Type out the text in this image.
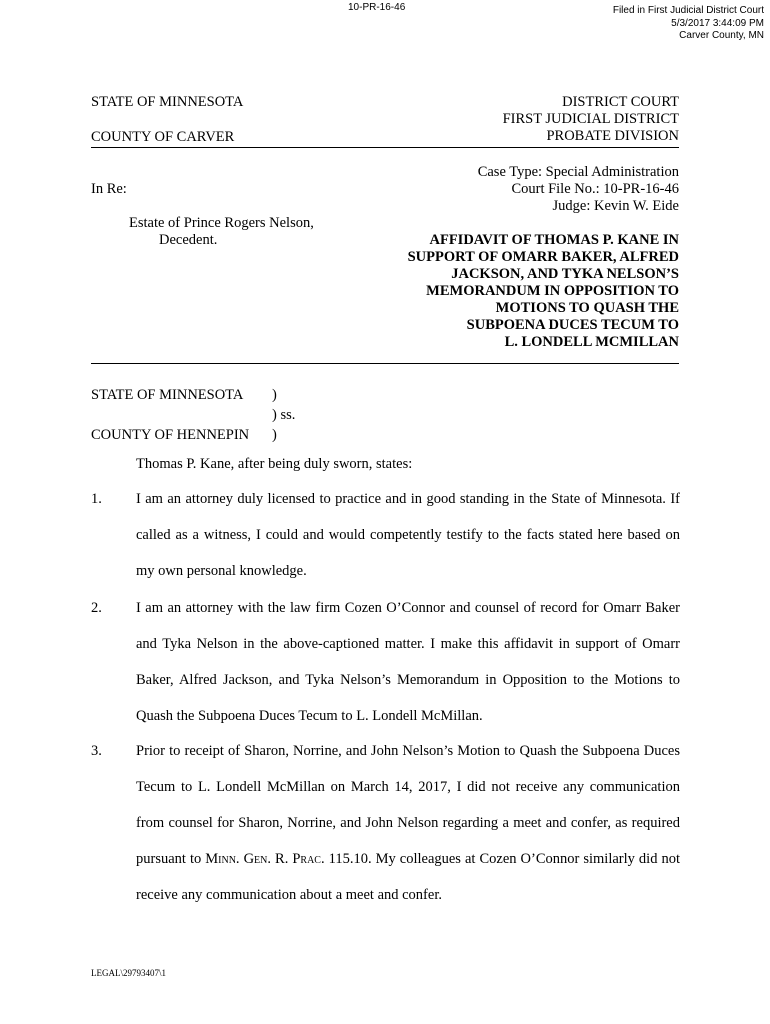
10-PR-16-46	Filed in First Judicial District Court
5/3/2017 3:44:09 PM
Carver County, MN
STATE OF MINNESOTA
COUNTY OF CARVER
DISTRICT COURT
FIRST JUDICIAL DISTRICT
PROBATE DIVISION
Case Type: Special Administration
Court File No.: 10-PR-16-46
Judge: Kevin W. Eide
In Re:
Estate of Prince Rogers Nelson,
Decedent.	AFFIDAVIT OF THOMAS P. KANE IN
SUPPORT OF OMARR BAKER, ALFRED
JACKSON, AND TYKA NELSON’S
MEMORANDUM IN OPPOSITION TO
MOTIONS TO QUASH THE
SUBPOENA DUCES TECUM TO
L. LONDELL MCMILLAN
STATE OF MINNESOTA )
) ss.
COUNTY OF HENNEPIN )
Thomas P. Kane, after being duly sworn, states:
1. I am an attorney duly licensed to practice and in good standing in the State of Minnesota. If called as a witness, I could and would competently testify to the facts stated here based on my own personal knowledge.
2. I am an attorney with the law firm Cozen O’Connor and counsel of record for Omarr Baker and Tyka Nelson in the above-captioned matter. I make this affidavit in support of Omarr Baker, Alfred Jackson, and Tyka Nelson’s Memorandum in Opposition to the Motions to Quash the Subpoena Duces Tecum to L. Londell McMillan.
3. Prior to receipt of Sharon, Norrine, and John Nelson’s Motion to Quash the Subpoena Duces Tecum to L. Londell McMillan on March 14, 2017, I did not receive any communication from counsel for Sharon, Norrine, and John Nelson regarding a meet and confer, as required pursuant to Minn. Gen. R. Prac. 115.10. My colleagues at Cozen O’Connor similarly did not receive any communication about a meet and confer.
LEGAL\29793407\1
